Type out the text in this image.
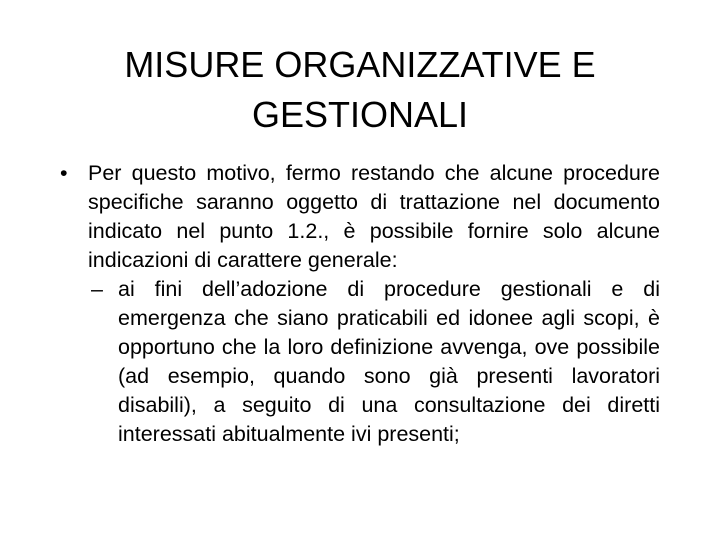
MISURE ORGANIZZATIVE E
GESTIONALI

• Per questo motivo, fermo restando che alcune procedure specifiche saranno oggetto di trattazione nel documento indicato nel punto 1.2., è possibile fornire solo alcune indicazioni di carattere generale:

– ai fini dell’adozione di procedure gestionali e di emergenza che siano praticabili ed idonee agli scopi, è opportuno che la loro definizione avvenga, ove possibile (ad esempio, quando sono già presenti lavoratori disabili), a seguito di una consultazione dei diretti interessati abitualmente ivi presenti;
